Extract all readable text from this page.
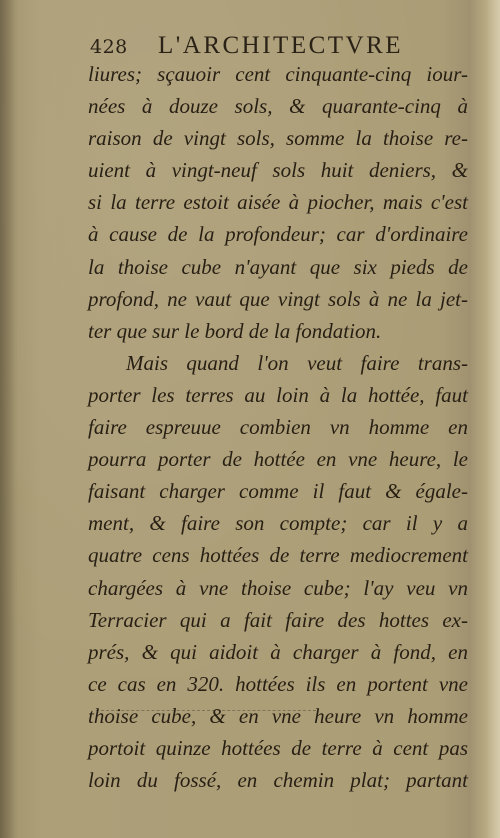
428 L'ARCHITECTVRE
liures; sçauoir cent cinquante-cinq iour-
nées à douze sols, & quarante-cinq à
raison de vingt sols, somme la thoise re-
uient à vingt-neuf sols huit deniers, &
si la terre estoit aisée à piocher, mais c'est
à cause de la profondeur; car d'ordinaire
la thoise cube n'ayant que six pieds de
profond, ne vaut que vingt sols à ne la jet-
ter que sur le bord de la fondation.
Mais quand l'on veut faire trans-
porter les terres au loin à la hottée, faut
faire espreuue combien vn homme en
pourra porter de hottée en vne heure, le
faisant charger comme il faut & égale-
ment, & faire son compte; car il y a
quatre cens hottées de terre mediocrement
chargées à vne thoise cube; l'ay veu vn
Terracier qui a fait faire des hottes ex-
prés, & qui aidoit à charger à fond, en
ce cas en 320. hottées ils en portent vne
thoise cube, & en vne heure vn homme
portoit quinze hottées de terre à cent pas
loin du fossé, en chemin plat; partant
